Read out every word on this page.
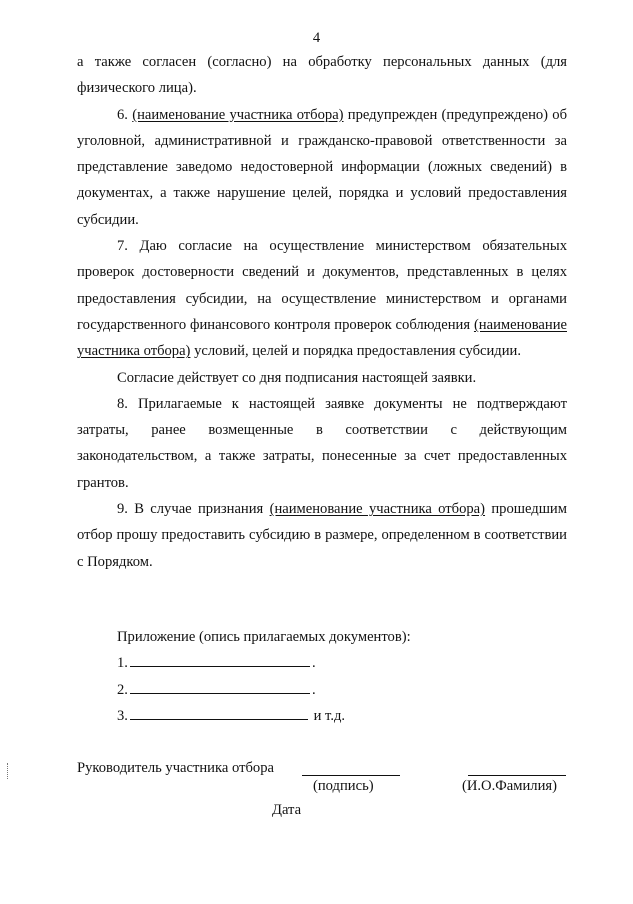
4

а также согласен (согласно) на обработку персональных данных (для физического лица).

6. (наименование участника отбора) предупрежден (предупреждено) об уголовной, административной и гражданско-правовой ответственности за представление заведомо недостоверной информации (ложных сведений) в документах, а также нарушение целей, порядка и условий предоставления субсидии.

7. Даю согласие на осуществление министерством обязательных проверок достоверности сведений и документов, представленных в целях предоставления субсидии, на осуществление министерством и органами государственного финансового контроля проверок соблюдения (наименование участника отбора) условий, целей и порядка предоставления субсидии.

Согласие действует со дня подписания настоящей заявки.

8. Прилагаемые к настоящей заявке документы не подтверждают затраты, ранее возмещенные в соответствии с действующим законодательством, а также затраты, понесенные за счет предоставленных грантов.

9. В случае признания (наименование участника отбора) прошедшим отбор прошу предоставить субсидию в размере, определенном в соответствии с Порядком.

Приложение (опись прилагаемых документов):
1.	.
2.	.
3.	и т.д.
Руководитель участника отбора
(подпись)	(И.О.Фамилия)
Дата
